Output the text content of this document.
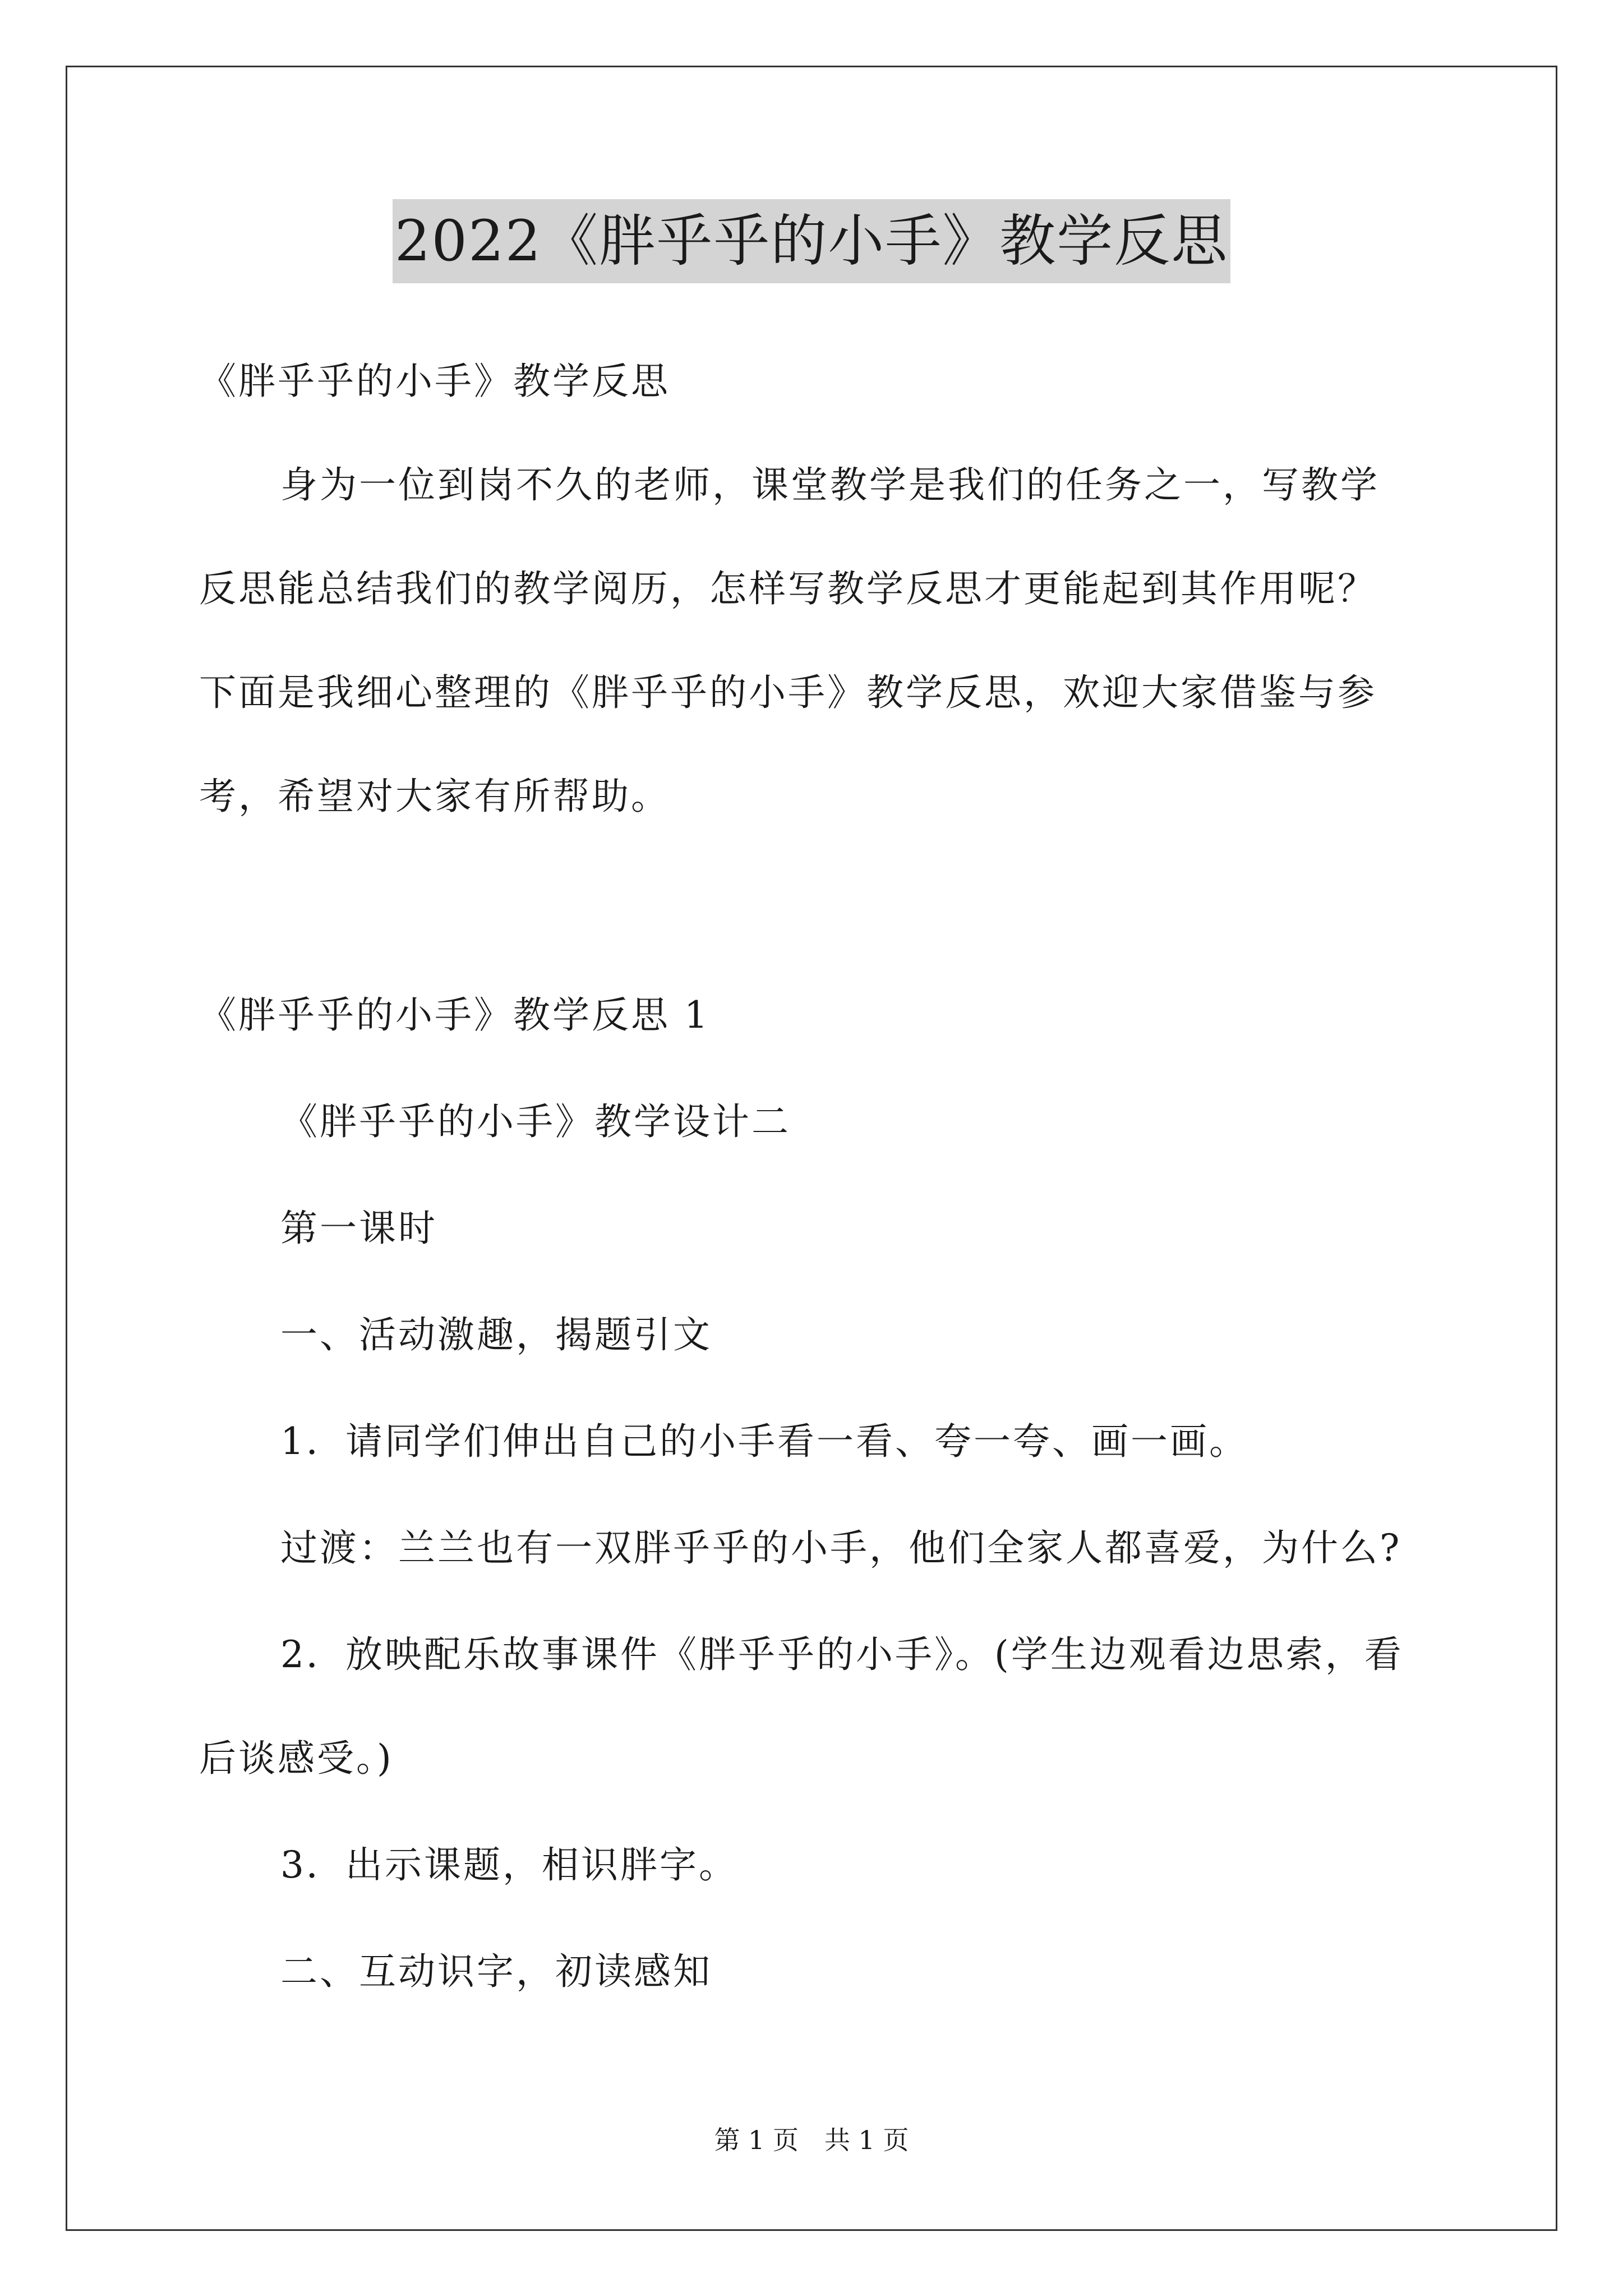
2022《胖乎乎的小手》教学反思

《胖乎乎的小手》教学反思

身为一位到岗不久的老师，课堂教学是我们的任务之一，写教学

反思能总结我们的教学阅历，怎样写教学反思才更能起到其作用呢？

下面是我细心整理的《胖乎乎的小手》教学反思，欢迎大家借鉴与参

考，希望对大家有所帮助。

《胖乎乎的小手》教学反思 1

《胖乎乎的小手》教学设计二

第一课时

一、活动激趣，揭题引文

1．请同学们伸出自己的小手看一看、夸一夸、画一画。

过渡：兰兰也有一双胖乎乎的小手，他们全家人都喜爱，为什么?

2．放映配乐故事课件《胖乎乎的小手》。(学生边观看边思索，看

后谈感受。)

3．出示课题，相识胖字。

二、互动识字，初读感知

第 1 页　共 1 页
